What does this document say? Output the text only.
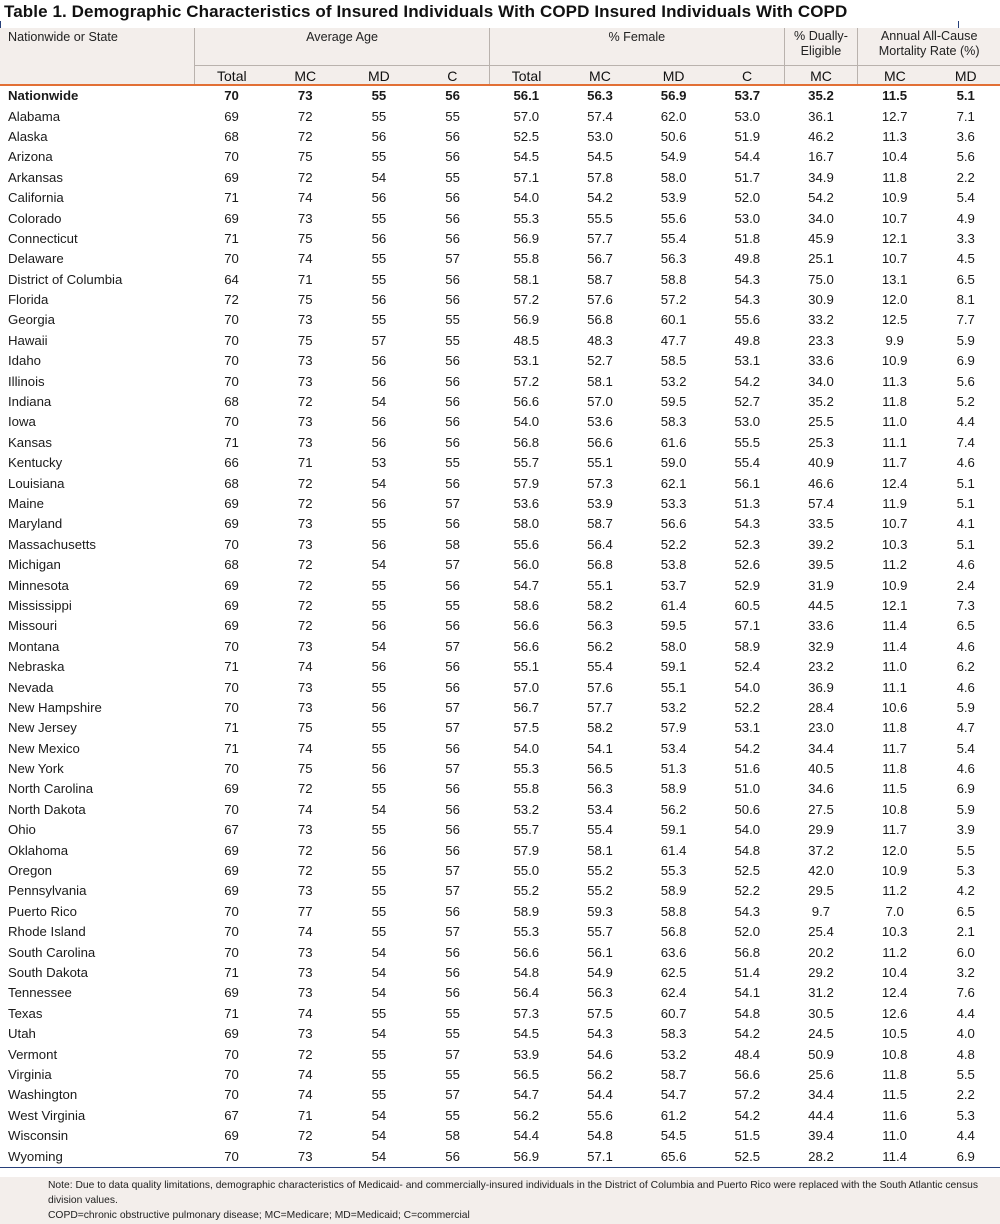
Table 1. Demographic Characteristics of Insured Individuals With COPD Insured Individuals With COPD
Nationwide or State	Average Age				% Female				% Dually-Eligible	Annual All-Cause Mortality Rate (%)	

	Total	MC	MD	C	Total	MC	MD	C	MC	MC	MD
Nationwide	70	73	55	56	56.1	56.3	56.9	53.7	35.2	11.5	5.1
Alabama	69	72	55	55	57.0	57.4	62.0	53.0	36.1	12.7	7.1
Alaska	68	72	56	56	52.5	53.0	50.6	51.9	46.2	11.3	3.6
Arizona	70	75	55	56	54.5	54.5	54.9	54.4	16.7	10.4	5.6
Arkansas	69	72	54	55	57.1	57.8	58.0	51.7	34.9	11.8	2.2
California	71	74	56	56	54.0	54.2	53.9	52.0	54.2	10.9	5.4
Colorado	69	73	55	56	55.3	55.5	55.6	53.0	34.0	10.7	4.9
Connecticut	71	75	56	56	56.9	57.7	55.4	51.8	45.9	12.1	3.3
Delaware	70	74	55	57	55.8	56.7	56.3	49.8	25.1	10.7	4.5
District of Columbia	64	71	55	56	58.1	58.7	58.8	54.3	75.0	13.1	6.5
Florida	72	75	56	56	57.2	57.6	57.2	54.3	30.9	12.0	8.1
Georgia	70	73	55	55	56.9	56.8	60.1	55.6	33.2	12.5	7.7
Hawaii	70	75	57	55	48.5	48.3	47.7	49.8	23.3	9.9	5.9
Idaho	70	73	56	56	53.1	52.7	58.5	53.1	33.6	10.9	6.9
Illinois	70	73	56	56	57.2	58.1	53.2	54.2	34.0	11.3	5.6
Indiana	68	72	54	56	56.6	57.0	59.5	52.7	35.2	11.8	5.2
Iowa	70	73	56	56	54.0	53.6	58.3	53.0	25.5	11.0	4.4
Kansas	71	73	56	56	56.8	56.6	61.6	55.5	25.3	11.1	7.4
Kentucky	66	71	53	55	55.7	55.1	59.0	55.4	40.9	11.7	4.6
Louisiana	68	72	54	56	57.9	57.3	62.1	56.1	46.6	12.4	5.1
Maine	69	72	56	57	53.6	53.9	53.3	51.3	57.4	11.9	5.1
Maryland	69	73	55	56	58.0	58.7	56.6	54.3	33.5	10.7	4.1
Massachusetts	70	73	56	58	55.6	56.4	52.2	52.3	39.2	10.3	5.1
Michigan	68	72	54	57	56.0	56.8	53.8	52.6	39.5	11.2	4.6
Minnesota	69	72	55	56	54.7	55.1	53.7	52.9	31.9	10.9	2.4
Mississippi	69	72	55	55	58.6	58.2	61.4	60.5	44.5	12.1	7.3
Missouri	69	72	56	56	56.6	56.3	59.5	57.1	33.6	11.4	6.5
Montana	70	73	54	57	56.6	56.2	58.0	58.9	32.9	11.4	4.6
Nebraska	71	74	56	56	55.1	55.4	59.1	52.4	23.2	11.0	6.2
Nevada	70	73	55	56	57.0	57.6	55.1	54.0	36.9	11.1	4.6
New Hampshire	70	73	56	57	56.7	57.7	53.2	52.2	28.4	10.6	5.9
New Jersey	71	75	55	57	57.5	58.2	57.9	53.1	23.0	11.8	4.7
New Mexico	71	74	55	56	54.0	54.1	53.4	54.2	34.4	11.7	5.4
New York	70	75	56	57	55.3	56.5	51.3	51.6	40.5	11.8	4.6
North Carolina	69	72	55	56	55.8	56.3	58.9	51.0	34.6	11.5	6.9
North Dakota	70	74	54	56	53.2	53.4	56.2	50.6	27.5	10.8	5.9
Ohio	67	73	55	56	55.7	55.4	59.1	54.0	29.9	11.7	3.9
Oklahoma	69	72	56	56	57.9	58.1	61.4	54.8	37.2	12.0	5.5
Oregon	69	72	55	57	55.0	55.2	55.3	52.5	42.0	10.9	5.3
Pennsylvania	69	73	55	57	55.2	55.2	58.9	52.2	29.5	11.2	4.2
Puerto Rico	70	77	55	56	58.9	59.3	58.8	54.3	9.7	7.0	6.5
Rhode Island	70	74	55	57	55.3	55.7	56.8	52.0	25.4	10.3	2.1
South Carolina	70	73	54	56	56.6	56.1	63.6	56.8	20.2	11.2	6.0
South Dakota	71	73	54	56	54.8	54.9	62.5	51.4	29.2	10.4	3.2
Tennessee	69	73	54	56	56.4	56.3	62.4	54.1	31.2	12.4	7.6
Texas	71	74	55	55	57.3	57.5	60.7	54.8	30.5	12.6	4.4
Utah	69	73	54	55	54.5	54.3	58.3	54.2	24.5	10.5	4.0
Vermont	70	72	55	57	53.9	54.6	53.2	48.4	50.9	10.8	4.8
Virginia	70	74	55	55	56.5	56.2	58.7	56.6	25.6	11.8	5.5
Washington	70	74	55	57	54.7	54.4	54.7	57.2	34.4	11.5	2.2
West Virginia	67	71	54	55	56.2	55.6	61.2	54.2	44.4	11.6	5.3
Wisconsin	69	72	54	58	54.4	54.8	54.5	51.5	39.4	11.0	4.4
Wyoming	70	73	54	56	56.9	57.1	65.6	52.5	28.2	11.4	6.9
Note: Due to data quality limitations, demographic characteristics of Medicaid- and commercially-insured individuals in the District of Columbia and Puerto Rico were replaced with the South Atlantic census division values.
COPD=chronic obstructive pulmonary disease; MC=Medicare; MD=Medicaid; C=commercial
